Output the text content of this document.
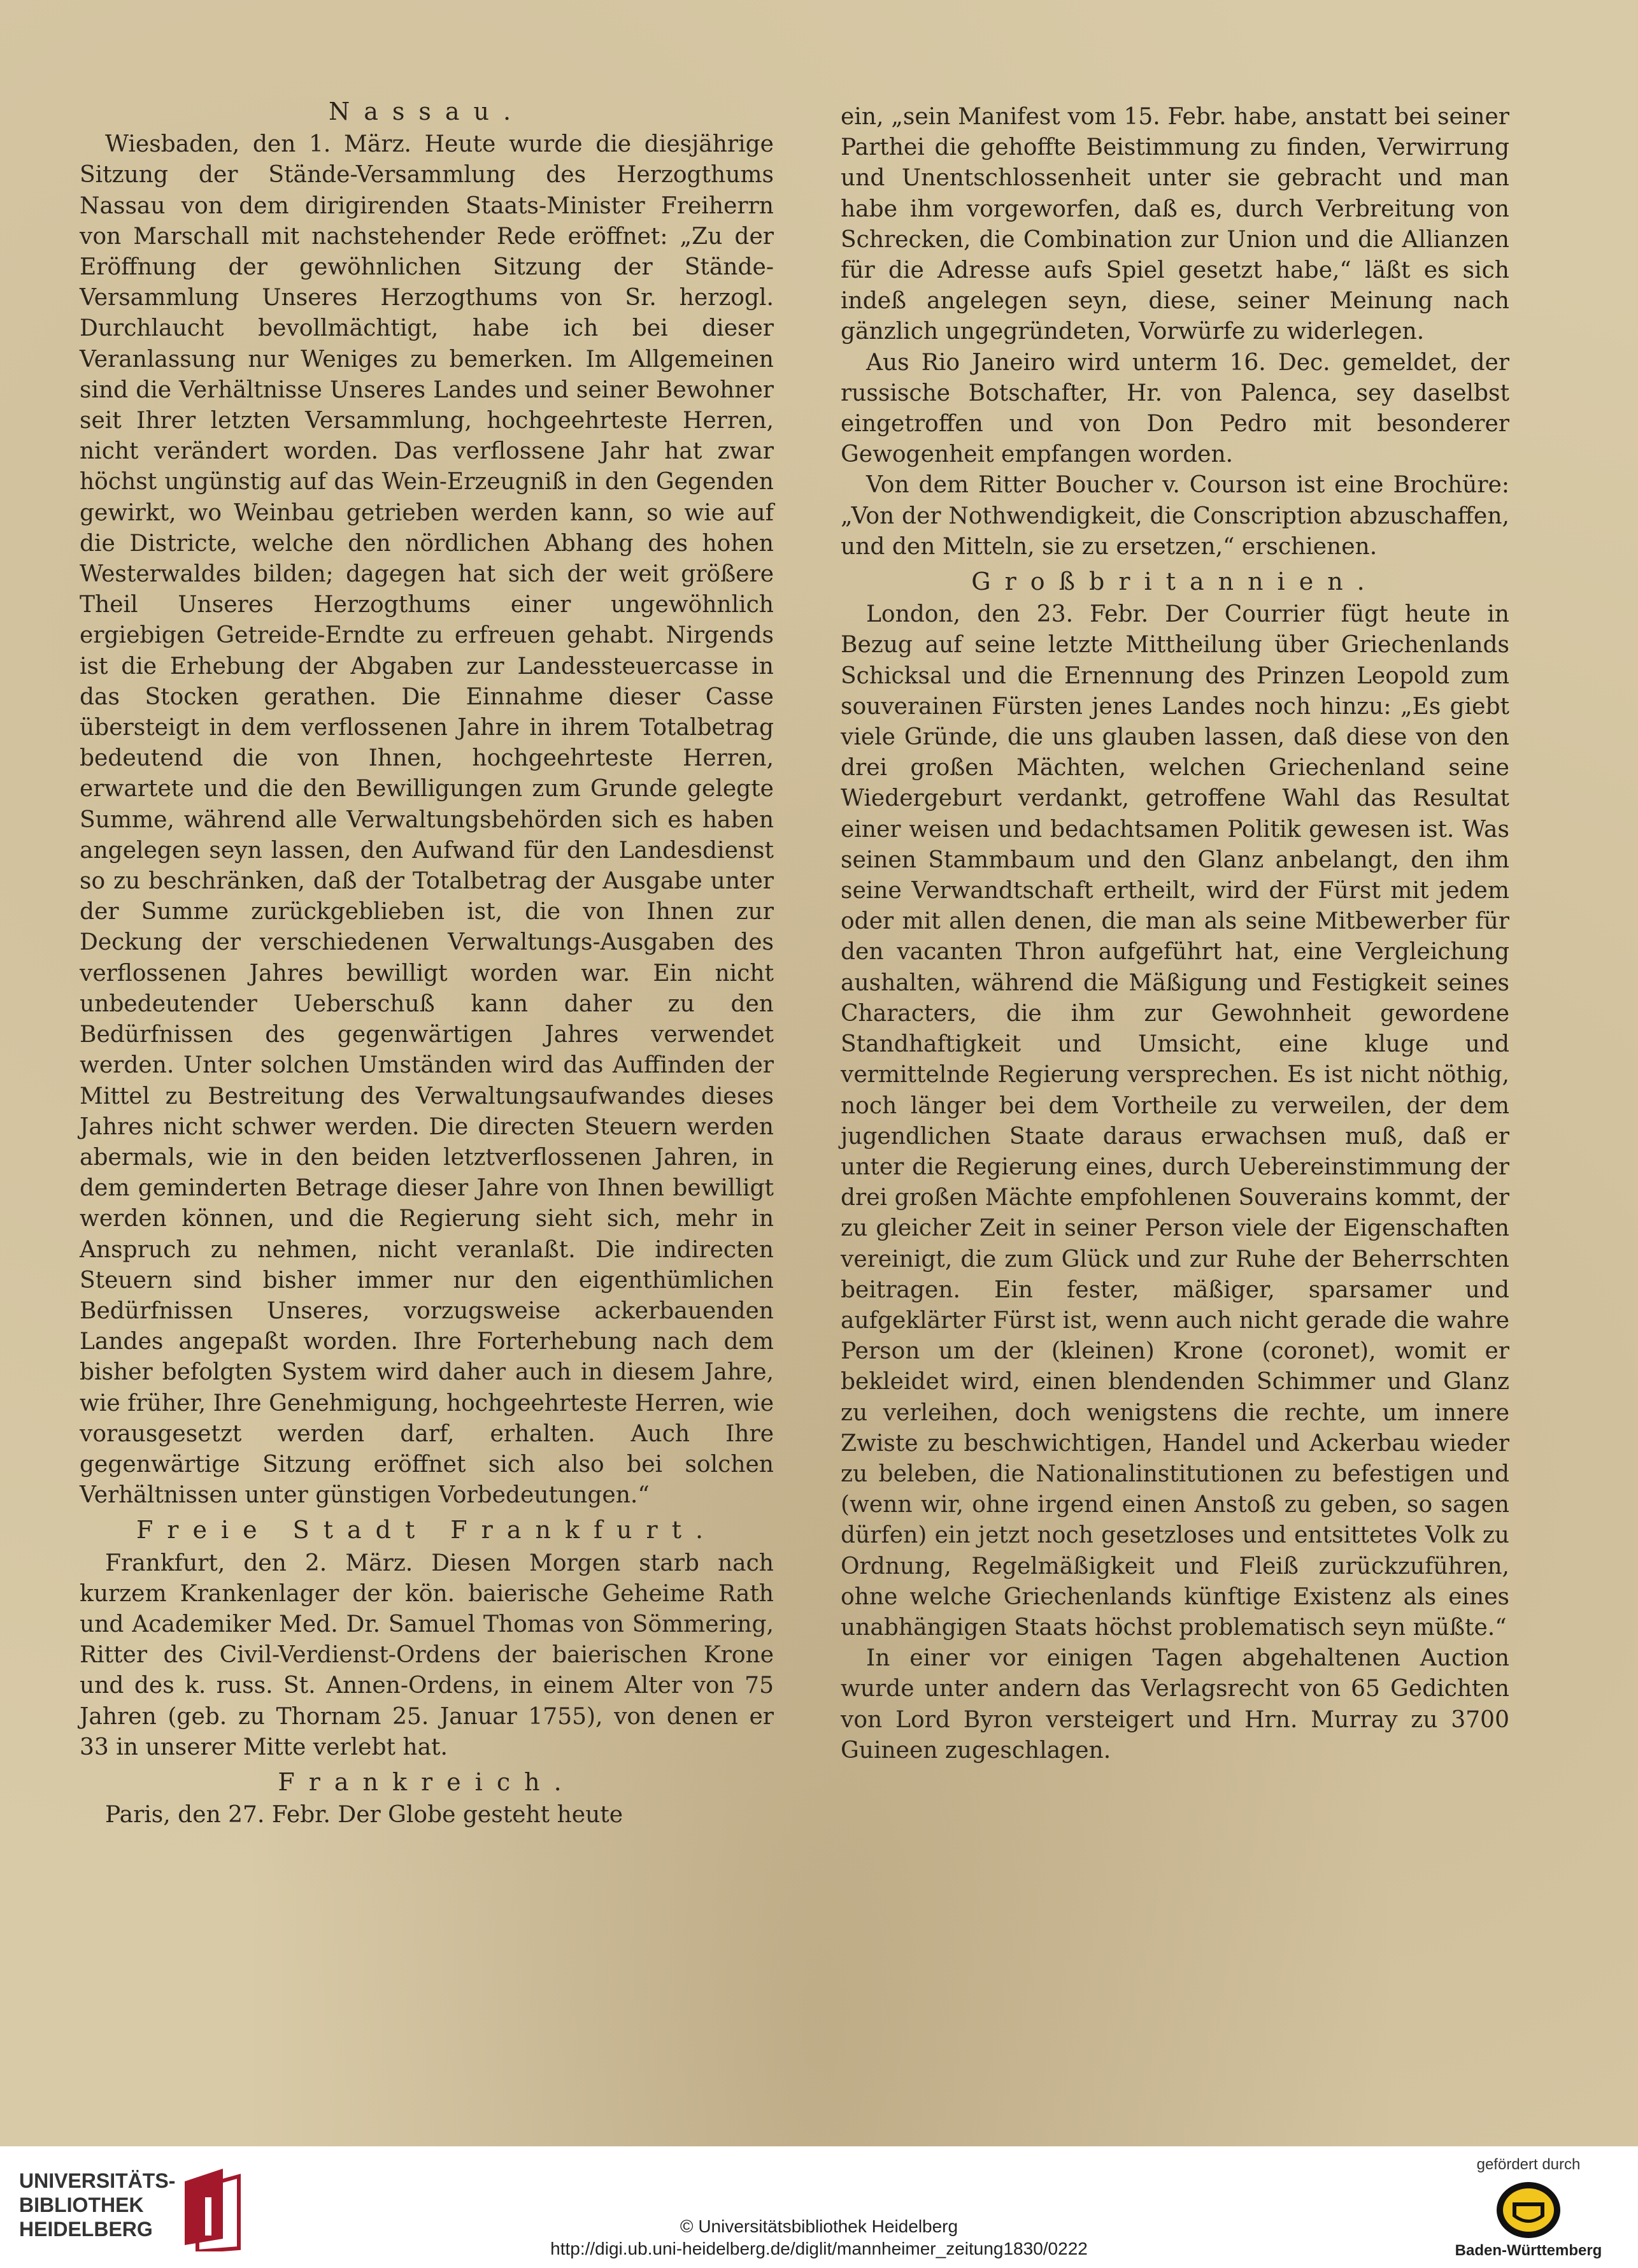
Nassau.

Wiesbaden, den 1. März. Heute wurde die diesjährige Sitzung der Stände-Versammlung des Herzogthums Nassau von dem dirigirenden Staats-Minister Freiherrn von Marschall mit nachstehender Rede eröffnet: „Zu der Eröffnung der gewöhnlichen Sitzung der Stände-Versammlung Unseres Herzogthums von Sr. herzogl. Durchlaucht bevollmächtigt, habe ich bei dieser Veranlassung nur Weniges zu bemerken. Im Allgemeinen sind die Verhältnisse Unseres Landes und seiner Bewohner seit Ihrer letzten Versammlung, hochgeehrteste Herren, nicht verändert worden. Das verflossene Jahr hat zwar höchst ungünstig auf das Wein-Erzeugniß in den Gegenden gewirkt, wo Weinbau getrieben werden kann, so wie auf die Districte, welche den nördlichen Abhang des hohen Westerwaldes bilden; dagegen hat sich der weit größere Theil Unseres Herzogthums einer ungewöhnlich ergiebigen Getreide-Erndte zu erfreuen gehabt. Nirgends ist die Erhebung der Abgaben zur Landessteuercasse in das Stocken gerathen. Die Einnahme dieser Casse übersteigt in dem verflossenen Jahre in ihrem Totalbetrag bedeutend die von Ihnen, hochgeehrteste Herren, erwartete und die den Bewilligungen zum Grunde gelegte Summe, während alle Verwaltungsbehörden sich es haben angelegen seyn lassen, den Aufwand für den Landesdienst so zu beschränken, daß der Totalbetrag der Ausgabe unter der Summe zurückgeblieben ist, die von Ihnen zur Deckung der verschiedenen Verwaltungs-Ausgaben des verflossenen Jahres bewilligt worden war. Ein nicht unbedeutender Ueberschuß kann daher zu den Bedürfnissen des gegenwärtigen Jahres verwendet werden. Unter solchen Umständen wird das Auffinden der Mittel zu Bestreitung des Verwaltungsaufwandes dieses Jahres nicht schwer werden. Die directen Steuern werden abermals, wie in den beiden letztverflossenen Jahren, in dem geminderten Betrage dieser Jahre von Ihnen bewilligt werden können, und die Regierung sieht sich, mehr in Anspruch zu nehmen, nicht veranlaßt. Die indirecten Steuern sind bisher immer nur den eigenthümlichen Bedürfnissen Unseres, vorzugsweise ackerbauenden Landes angepaßt worden. Ihre Forterhebung nach dem bisher befolgten System wird daher auch in diesem Jahre, wie früher, Ihre Genehmigung, hochgeehrteste Herren, wie vorausgesetzt werden darf, erhalten. Auch Ihre gegenwärtige Sitzung eröffnet sich also bei solchen Verhältnissen unter günstigen Vorbedeutungen.“

Freie Stadt Frankfurt.

Frankfurt, den 2. März. Diesen Morgen starb nach kurzem Krankenlager der kön. baierische Geheime Rath und Academiker Med. Dr. Samuel Thomas von Sömmering, Ritter des Civil-Verdienst-Ordens der baierischen Krone und des k. russ. St. Annen-Ordens, in einem Alter von 75 Jahren (geb. zu Thornam 25. Januar 1755), von denen er 33 in unserer Mitte verlebt hat.

Frankreich.

Paris, den 27. Febr. Der Globe gesteht heute

ein, „sein Manifest vom 15. Febr. habe, anstatt bei seiner Parthei die gehoffte Beistimmung zu finden, Verwirrung und Unentschlossenheit unter sie gebracht und man habe ihm vorgeworfen, daß es, durch Verbreitung von Schrecken, die Combination zur Union und die Allianzen für die Adresse aufs Spiel gesetzt habe,“ läßt es sich indeß angelegen seyn, diese, seiner Meinung nach gänzlich ungegründeten, Vorwürfe zu widerlegen.

Aus Rio Janeiro wird unterm 16. Dec. gemeldet, der russische Botschafter, Hr. von Palenca, sey daselbst eingetroffen und von Don Pedro mit besonderer Gewogenheit empfangen worden.

Von dem Ritter Boucher v. Courson ist eine Brochüre: „Von der Nothwendigkeit, die Conscription abzuschaffen, und den Mitteln, sie zu ersetzen,“ erschienen.

Großbritannien.

London, den 23. Febr. Der Courrier fügt heute in Bezug auf seine letzte Mittheilung über Griechenlands Schicksal und die Ernennung des Prinzen Leopold zum souverainen Fürsten jenes Landes noch hinzu: „Es giebt viele Gründe, die uns glauben lassen, daß diese von den drei großen Mächten, welchen Griechenland seine Wiedergeburt verdankt, getroffene Wahl das Resultat einer weisen und bedachtsamen Politik gewesen ist. Was seinen Stammbaum und den Glanz anbelangt, den ihm seine Verwandtschaft ertheilt, wird der Fürst mit jedem oder mit allen denen, die man als seine Mitbewerber für den vacanten Thron aufgeführt hat, eine Vergleichung aushalten, während die Mäßigung und Festigkeit seines Characters, die ihm zur Gewohnheit gewordene Standhaftigkeit und Umsicht, eine kluge und vermittelnde Regierung versprechen. Es ist nicht nöthig, noch länger bei dem Vortheile zu verweilen, der dem jugendlichen Staate daraus erwachsen muß, daß er unter die Regierung eines, durch Uebereinstimmung der drei großen Mächte empfohlenen Souverains kommt, der zu gleicher Zeit in seiner Person viele der Eigenschaften vereinigt, die zum Glück und zur Ruhe der Beherrschten beitragen. Ein fester, mäßiger, sparsamer und aufgeklärter Fürst ist, wenn auch nicht gerade die wahre Person um der (kleinen) Krone (coronet), womit er bekleidet wird, einen blendenden Schimmer und Glanz zu verleihen, doch wenigstens die rechte, um innere Zwiste zu beschwichtigen, Handel und Ackerbau wieder zu beleben, die Nationalinstitutionen zu befestigen und (wenn wir, ohne irgend einen Anstoß zu geben, so sagen dürfen) ein jetzt noch gesetzloses und entsittetes Volk zu Ordnung, Regelmäßigkeit und Fleiß zurückzuführen, ohne welche Griechenlands künftige Existenz als eines unabhängigen Staats höchst problematisch seyn müßte.“

In einer vor einigen Tagen abgehaltenen Auction wurde unter andern das Verlagsrecht von 65 Gedichten von Lord Byron versteigert und Hrn. Murray zu 3700 Guineen zugeschlagen.

UNIVERSITÄTS-
BIBLIOTHEK
HEIDELBERG	© Universitätsbibliothek Heidelberg
http://digi.ub.uni-heidelberg.de/diglit/mannheimer_zeitung1830/0222
gefördert durch
Baden-Württemberg
